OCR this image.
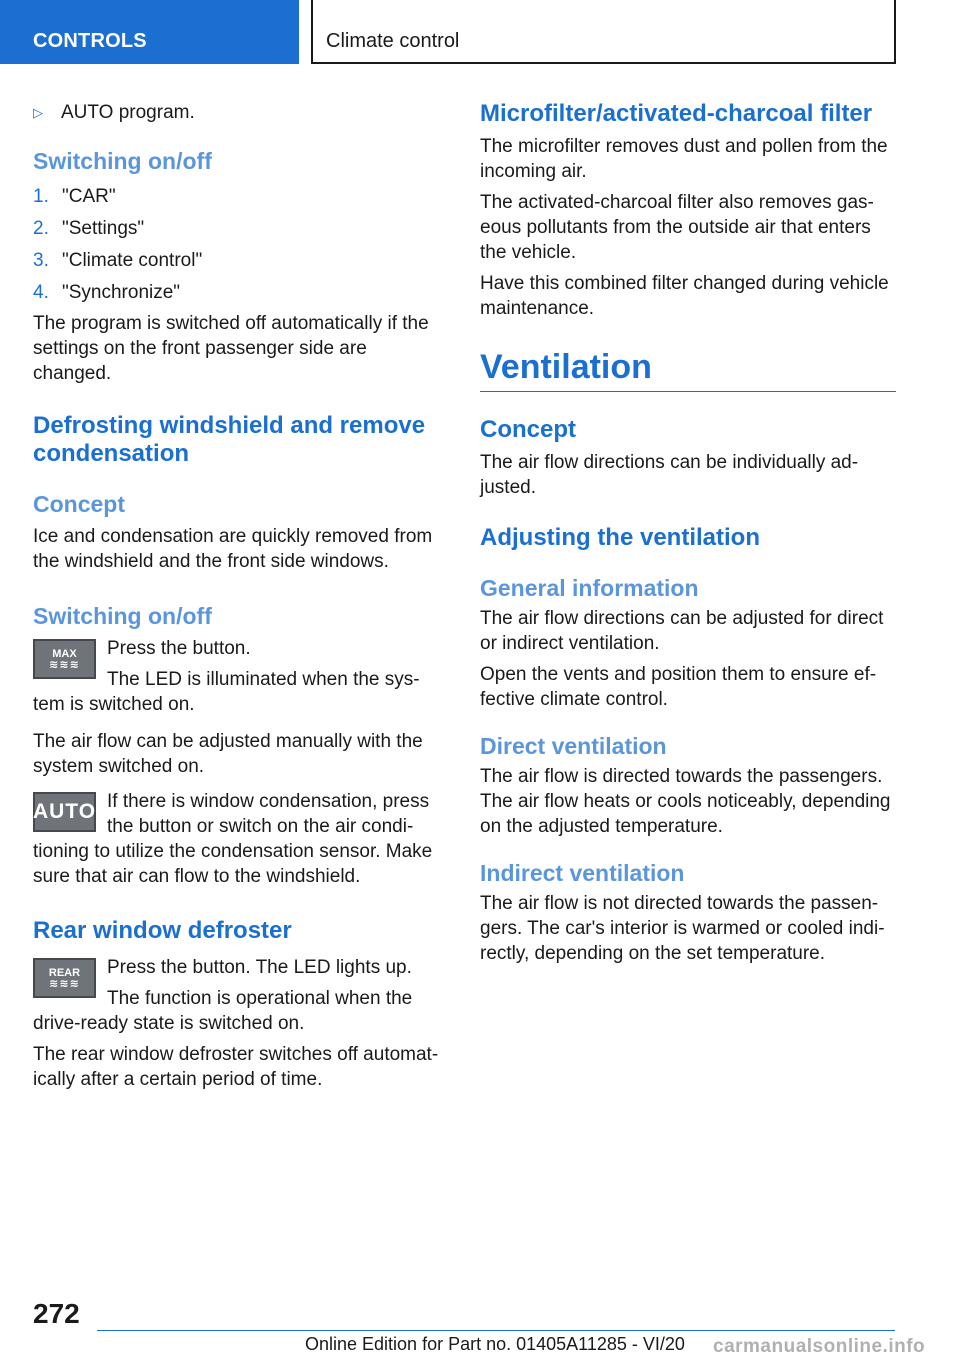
CONTROLS	Climate control
▷ AUTO program.
Switching on/off
1. "CAR"
2. "Settings"
3. "Climate control"
4. "Synchronize"

The program is switched off automatically if the settings on the front passenger side are changed.

Defrosting windshield and remove condensation
Concept

Ice and condensation are quickly removed from the windshield and the front side windows.

Switching on/off
MAX
≋≋≋

Press the button.

The LED is illuminated when the sys-tem is switched on.

The air flow can be adjusted manually with the system switched on.

AUTO If there is window condensation, press the button or switch on the air condi-tioning to utilize the condensation sensor. Make sure that air can flow to the windshield.

Rear window defroster
REAR
≋≋≋

Press the button. The LED lights up.

The function is operational when the drive-ready state is switched on.

The rear window defroster switches off automat-ically after a certain period of time.

Microfilter/activated-charcoal filter

The microfilter removes dust and pollen from the incoming air.

The activated-charcoal filter also removes gas-eous pollutants from the outside air that enters the vehicle.

Have this combined filter changed during vehicle maintenance.

Ventilation
Concept

The air flow directions can be individually ad-justed.

Adjusting the ventilation
General information

The air flow directions can be adjusted for direct or indirect ventilation.

Open the vents and position them to ensure ef-fective climate control.

Direct ventilation

The air flow is directed towards the passengers. The air flow heats or cools noticeably, depending on the adjusted temperature.

Indirect ventilation

The air flow is not directed towards the passen-gers. The car's interior is warmed or cooled indi-rectly, depending on the set temperature.

272
Online Edition for Part no. 01405A11285 - VI/20 carmanualsonline.info
